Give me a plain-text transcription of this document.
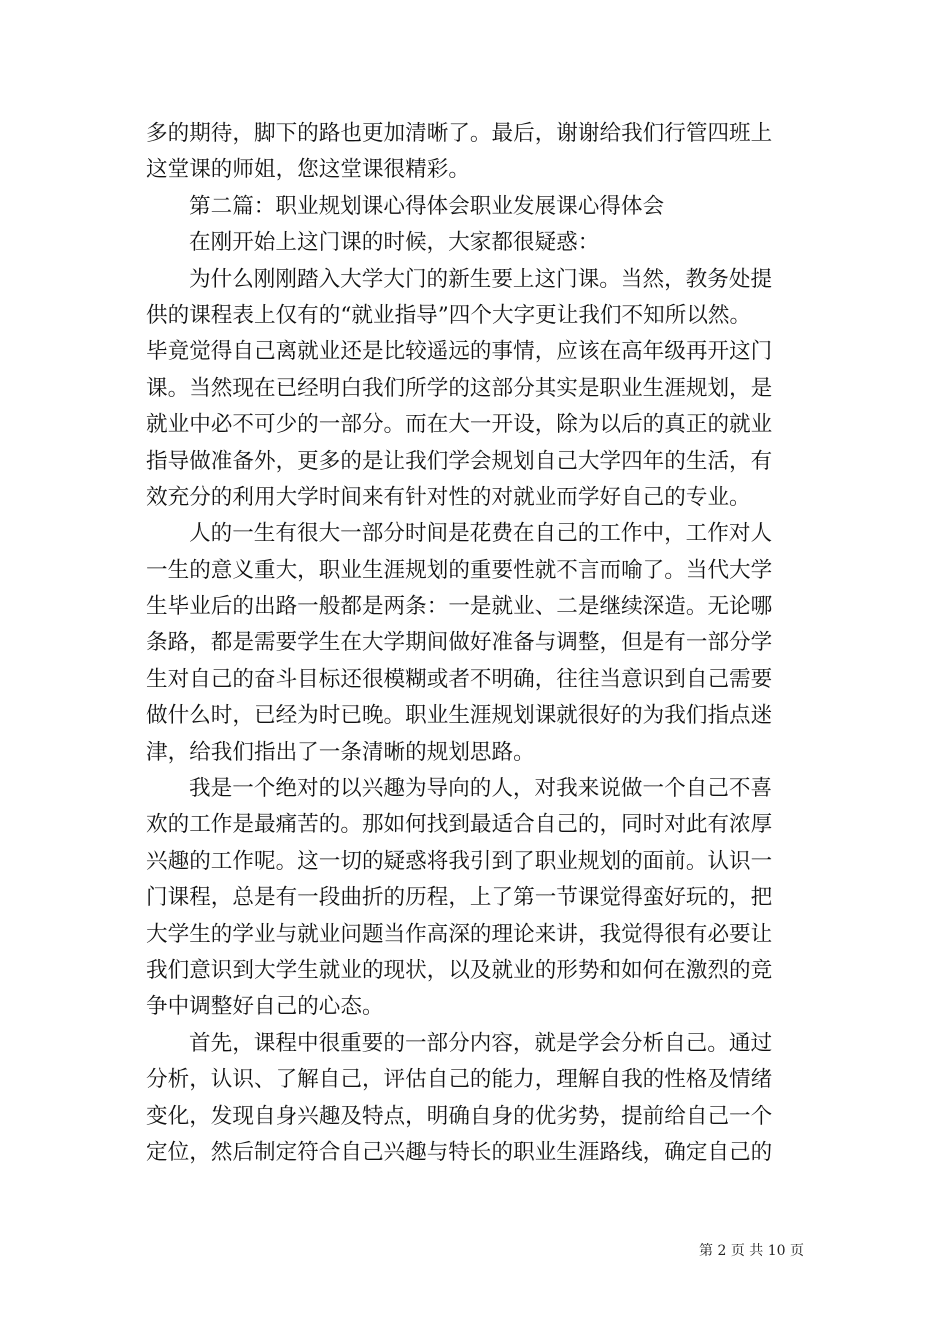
多的期待，脚下的路也更加清晰了。最后，谢谢给我们行管四班上
这堂课的师姐，您这堂课很精彩。
第二篇：职业规划课心得体会职业发展课心得体会
在刚开始上这门课的时候，大家都很疑惑：
为什么刚刚踏入大学大门的新生要上这门课。当然，教务处提
供的课程表上仅有的“就业指导”四个大字更让我们不知所以然。
毕竟觉得自己离就业还是比较遥远的事情，应该在高年级再开这门
课。当然现在已经明白我们所学的这部分其实是职业生涯规划，是
就业中必不可少的一部分。而在大一开设，除为以后的真正的就业
指导做准备外，更多的是让我们学会规划自己大学四年的生活，有
效充分的利用大学时间来有针对性的对就业而学好自己的专业。
人的一生有很大一部分时间是花费在自己的工作中，工作对人
一生的意义重大，职业生涯规划的重要性就不言而喻了。当代大学
生毕业后的出路一般都是两条：一是就业、二是继续深造。无论哪
条路，都是需要学生在大学期间做好准备与调整，但是有一部分学
生对自己的奋斗目标还很模糊或者不明确，往往当意识到自己需要
做什么时，已经为时已晚。职业生涯规划课就很好的为我们指点迷
津，给我们指出了一条清晰的规划思路。
我是一个绝对的以兴趣为导向的人，对我来说做一个自己不喜
欢的工作是最痛苦的。那如何找到最适合自己的，同时对此有浓厚
兴趣的工作呢。这一切的疑惑将我引到了职业规划的面前。认识一
门课程，总是有一段曲折的历程，上了第一节课觉得蛮好玩的，把
大学生的学业与就业问题当作高深的理论来讲，我觉得很有必要让
我们意识到大学生就业的现状，以及就业的形势和如何在激烈的竞
争中调整好自己的心态。
首先，课程中很重要的一部分内容，就是学会分析自己。通过
分析，认识、了解自己，评估自己的能力，理解自我的性格及情绪
变化，发现自身兴趣及特点，明确自身的优劣势，提前给自己一个
定位，然后制定符合自己兴趣与特长的职业生涯路线，确定自己的
第 2 页 共 10 页
